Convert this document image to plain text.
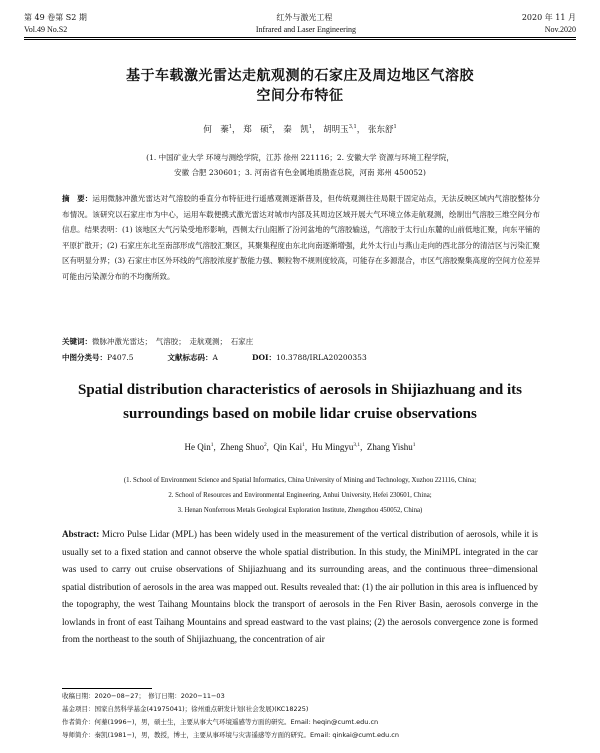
第 49 卷第 S2 期	红外与激光工程	2020 年 11 月
Vol.49 No.S2	Infrared and Laser Engineering	Nov.2020
基于车载激光雷达走航观测的石家庄及周边地区气溶胶
空间分布特征
何　蓁$^1$， 郑　硕$^2$， 秦　凯$^1$， 胡明玉$^{3,1}$， 张东舒$^1$
(1. 中国矿业大学 环境与测绘学院，江苏 徐州 221116；2. 安徽大学 资源与环境工程学院，
安徽 合肥 230601；3. 河南省有色金属地质勘查总院，河南 郑州 450052)
摘　要：运用微脉冲激光雷达对气溶胶的垂直分布特征进行遥感观测逐渐普及，但传统观测往往局限于固定站点，无法反映区域内气溶胶整体分布情况。该研究以石家庄市为中心，运用车载便携式激光雷达对城市内部及其周边区域开展大气环境立体走航观测，绘制出气溶胶三维空间分布信息。结果表明：(1) 该地区大气污染受地形影响，西侧太行山阻断了汾河盆地的气溶胶输送，气溶胶于太行山东麓的山前低地汇聚，向东平铺的平原扩散开；(2) 石家庄东北至南部形成气溶胶汇聚区，其聚集程度由东北向南逐渐增强，此外太行山与燕山走向的西北部分的清洁区与污染汇聚区有明显分界；(3) 石家庄市区外环线的气溶胶浓度扩散能力强、颗粒物不规则度较高，可能存在多源混合，市区气溶胶聚集高度的空间方位差异可能由污染源分布的不均衡所致。
关键词：微脉冲激光雷达；　气溶胶；　走航观测；　石家庄
中图分类号：P407.5	文献标志码：A	DOI：10.3788/IRLA20200353
Spatial distribution characteristics of aerosols in Shijiazhuang and its
surroundings based on mobile lidar cruise observations
He Qin$^1$,  Zheng Shuo$^2$,  Qin Kai$^1$,  Hu Mingyu$^{3,1}$,  Zhang Yishu$^1$
(1. School of Environment Science and Spatial Informatics, China University of Mining and Technology, Xuzhou 221116, China;
2. School of Resources and Environmental Engineering, Anhui University, Hefei 230601, China;
3. Henan Nonferrous Metals Geological Exploration Institute, Zhengzhou 450052, China)
Abstract: Micro Pulse Lidar (MPL) has been widely used in the measurement of the vertical distribution of aerosols, while it is usually set to a fixed station and cannot observe the whole spatial distribution. In this study, the MiniMPL integrated in the car was used to carry out cruise observations of Shijiazhuang and its surrounding areas, and the continuous three−dimensional spatial distribution of aerosols in the area was mapped out. Results revealed that: (1) the air pollution in this area is influenced by the topography, the west Taihang Mountains block the transport of aerosols in the Fen River Basin, aerosols converge in the lowlands in front of east Taihang Mountains and spread eastward to the vast plains; (2) the aerosols convergence zone is formed from the northeast to the south of Shijiazhuang, the concentration of air
收稿日期：2020−08−27；　修订日期：2020−11−03
基金项目：国家自然科学基金(41975041)；徐州重点研发计划(社会发展)(KC18225)
作者简介：何蓁(1996−)，男，硕士生，主要从事大气环境遥感等方面的研究。Email: heqin@cumt.edu.cn
导师简介：秦凯(1981−)，男，教授，博士，主要从事环境与灾害遥感等方面的研究。Email: qinkai@cumt.edu.cn
